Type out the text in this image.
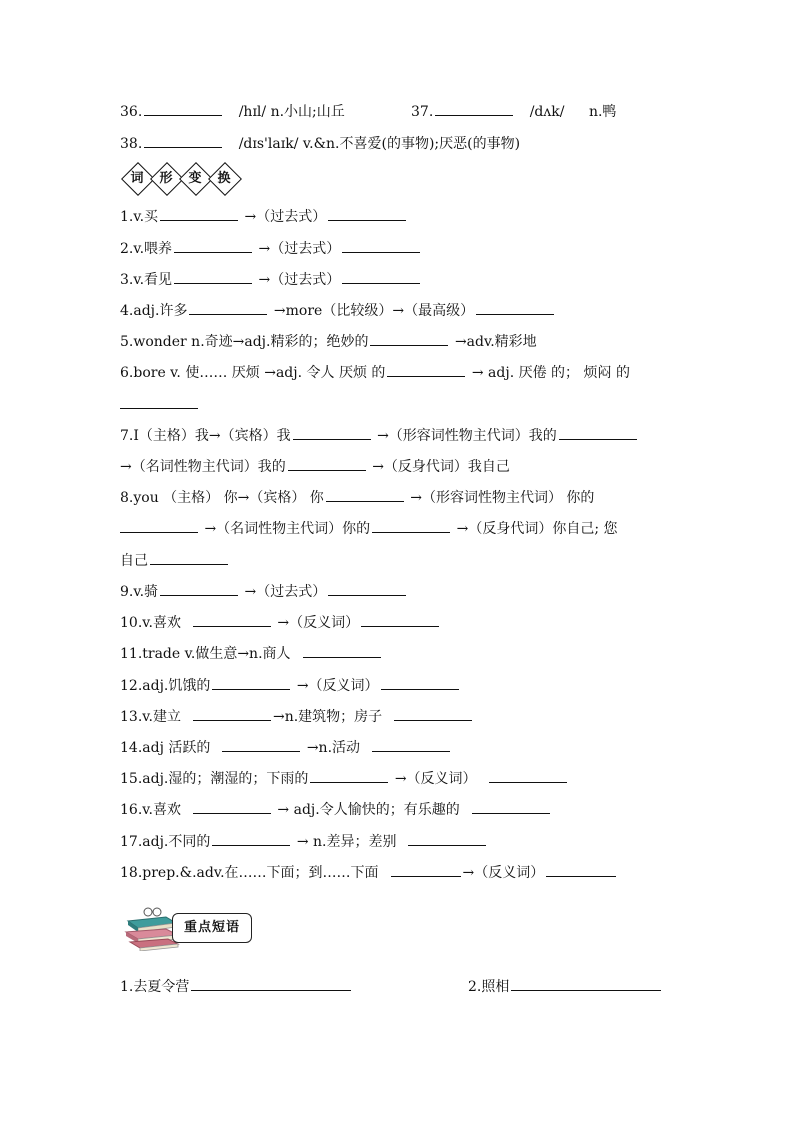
36.	/hɪl/ n.小山;山丘	37.	/dʌk/ n.鸭
38.	/dɪs'laɪk/ v.&n.不喜爱(的事物);厌恶(的事物)
词	形	变	换
1.v.买	→（过去式）
2.v.喂养	→（过去式）
3.v.看见	→（过去式）
4.adj.许多	→more（比较级）→（最高级）
5.wonder n.奇迹→adj.精彩的；绝妙的	→adv.精彩地
6.bore v. 使…… 厌烦 →adj. 令人 厌烦 的	→ adj. 厌倦 的； 烦闷 的
7.I（主格）我→（宾格）我	→（形容词性物主代词）我的
→（名词性物主代词）我的	→（反身代词）我自己
8.you （主格） 你→（宾格） 你	→（形容词性物主代词） 你的
→（名词性物主代词）你的	→（反身代词）你自己; 您
自己
9.v.骑	→（过去式）
10.v.喜欢	→（反义词）
11.trade v.做生意→n.商人
12.adj.饥饿的	→（反义词）
13.v.建立	→n.建筑物；房子
14.adj 活跃的	→n.活动
15.adj.湿的；潮湿的；下雨的	→（反义词）
16.v.喜欢	→ adj.令人愉快的；有乐趣的
17.adj.不同的	→ n.差异；差别
18.prep.&.adv.在……下面；到……下面	→（反义词）
重点短语
1.去夏令营	2.照相
